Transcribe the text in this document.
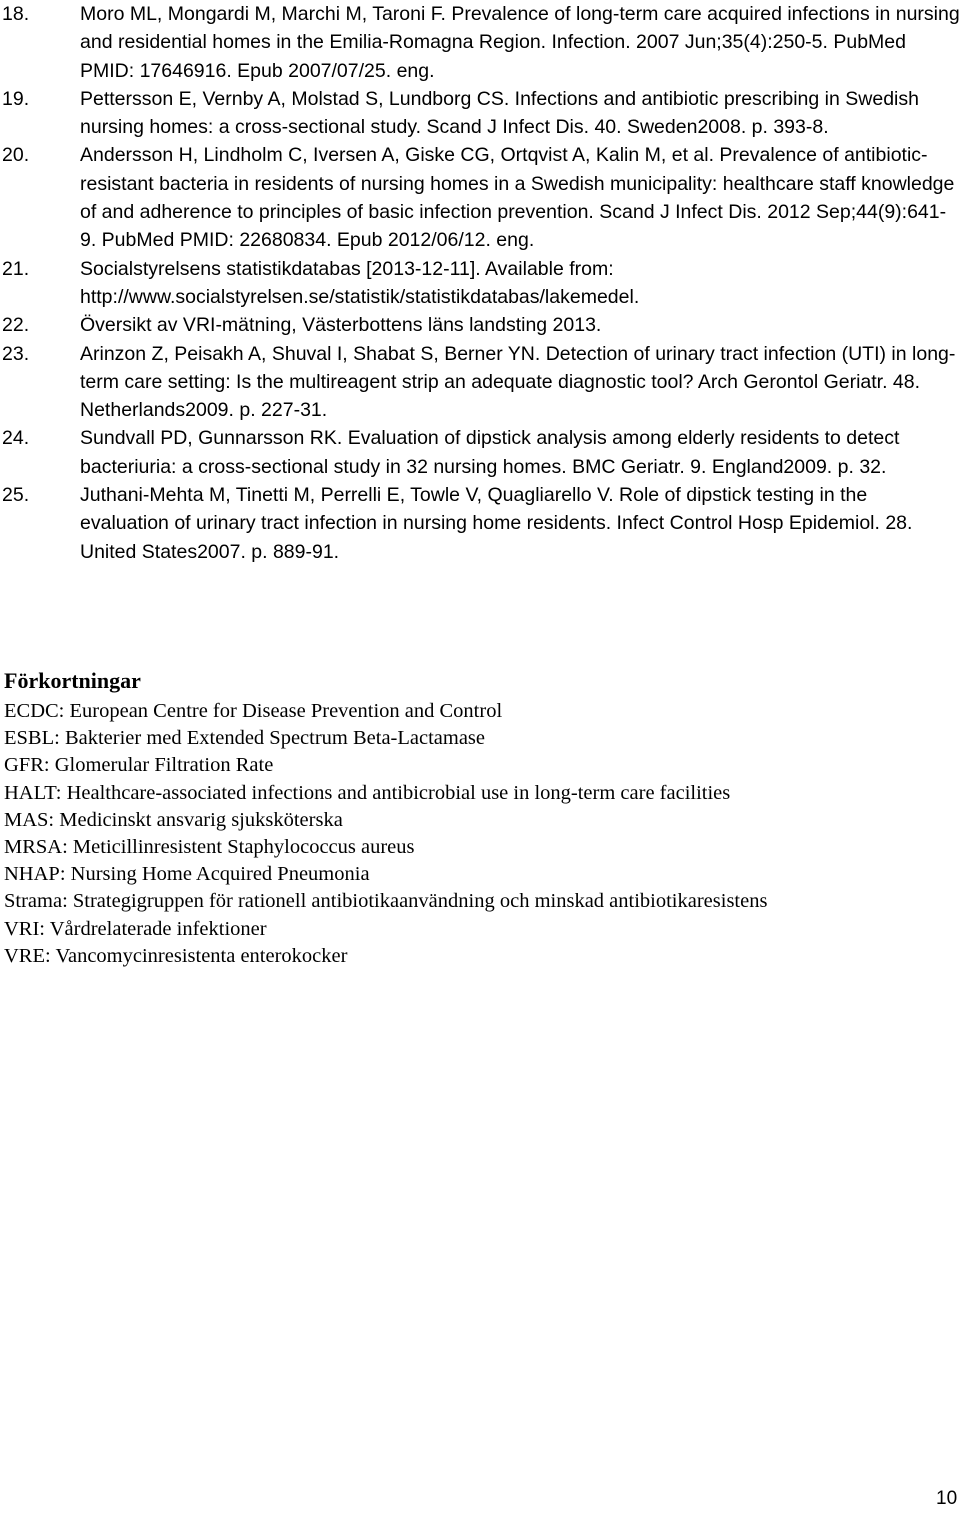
18.	Moro ML, Mongardi M, Marchi M, Taroni F. Prevalence of long-term care acquired infections in nursing and residential homes in the Emilia-Romagna Region. Infection. 2007 Jun;35(4):250-5. PubMed PMID: 17646916. Epub 2007/07/25. eng.

19.	Pettersson E, Vernby A, Molstad S, Lundborg CS. Infections and antibiotic prescribing in Swedish nursing homes: a cross-sectional study. Scand J Infect Dis. 40. Sweden2008. p. 393-8.

20.	Andersson H, Lindholm C, Iversen A, Giske CG, Ortqvist A, Kalin M, et al. Prevalence of antibiotic-resistant bacteria in residents of nursing homes in a Swedish municipality: healthcare staff knowledge of and adherence to principles of basic infection prevention. Scand J Infect Dis. 2012 Sep;44(9):641-9. PubMed PMID: 22680834. Epub 2012/06/12. eng.

21.	Socialstyrelsens statistikdatabas [2013-12-11]. Available from: http://www.socialstyrelsen.se/statistik/statistikdatabas/lakemedel.

22.	Översikt av VRI-mätning, Västerbottens läns landsting 2013.

23.	Arinzon Z, Peisakh A, Shuval I, Shabat S, Berner YN. Detection of urinary tract infection (UTI) in long-term care setting: Is the multireagent strip an adequate diagnostic tool? Arch Gerontol Geriatr. 48. Netherlands2009. p. 227-31.

24.	Sundvall PD, Gunnarsson RK. Evaluation of dipstick analysis among elderly residents to detect bacteriuria: a cross-sectional study in 32 nursing homes. BMC Geriatr. 9. England2009. p. 32.

25.	Juthani-Mehta M, Tinetti M, Perrelli E, Towle V, Quagliarello V. Role of dipstick testing in the evaluation of urinary tract infection in nursing home residents. Infect Control Hosp Epidemiol. 28. United States2007. p. 889-91.

Förkortningar

ECDC: European Centre for Disease Prevention and Control

ESBL: Bakterier med Extended Spectrum Beta-Lactamase

GFR: Glomerular Filtration Rate

HALT: Healthcare-associated infections and antibicrobial use in long-term care facilities

MAS: Medicinskt ansvarig sjuksköterska

MRSA: Meticillinresistent Staphylococcus aureus

NHAP: Nursing Home Acquired Pneumonia

Strama: Strategigruppen för rationell antibiotikaanvändning och minskad antibiotikaresistens

VRI: Vårdrelaterade infektioner

VRE: Vancomycinresistenta enterokocker

10
